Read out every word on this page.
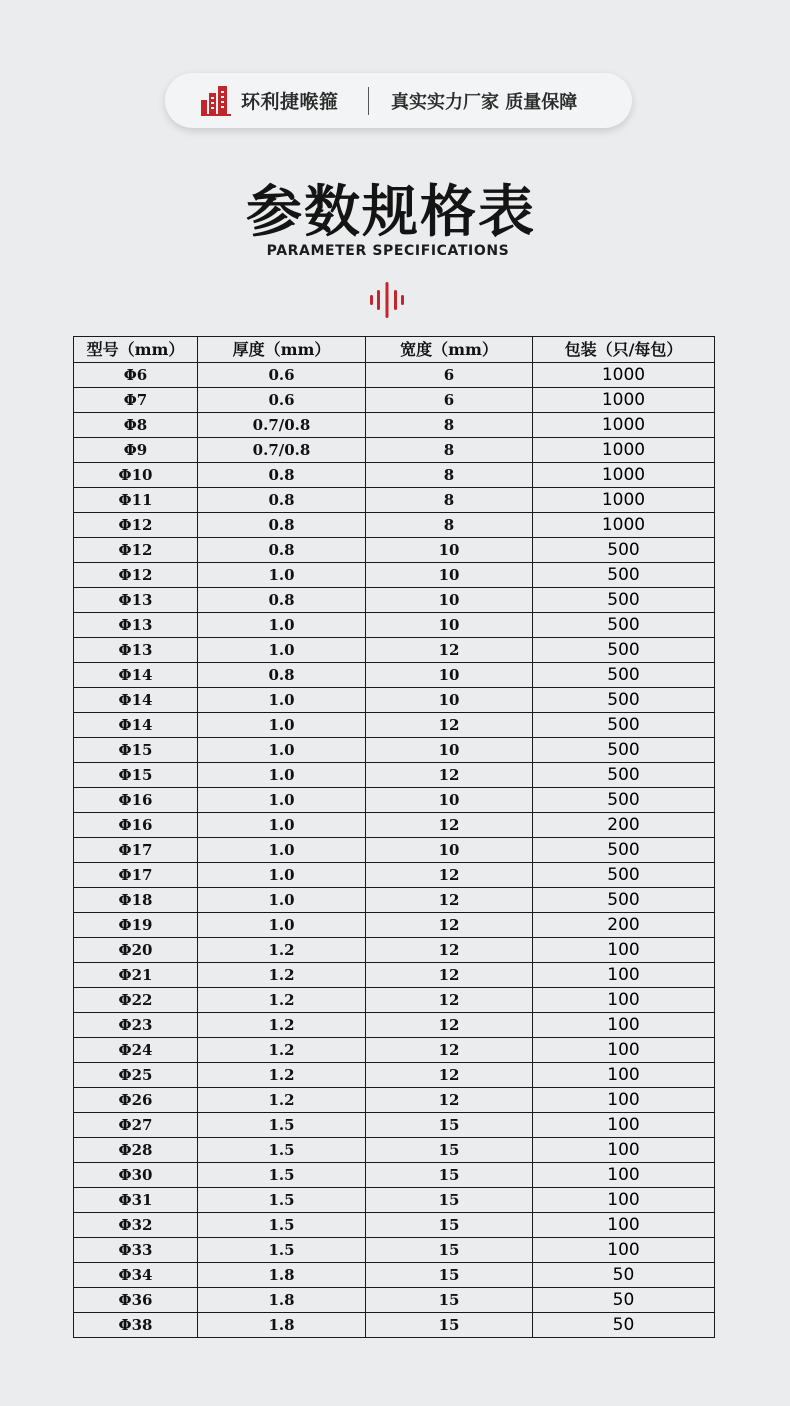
环利捷喉箍	真实实力厂家 质量保障
参数规格表
PARAMETER SPECIFICATIONS
型号（mm）	厚度（mm）	宽度（mm）	包装（只/每包）
Φ6	0.6	6	1000
Φ7	0.6	6	1000
Φ8	0.7/0.8	8	1000
Φ9	0.7/0.8	8	1000
Φ10	0.8	8	1000
Φ11	0.8	8	1000
Φ12	0.8	8	1000
Φ12	0.8	10	500
Φ12	1.0	10	500
Φ13	0.8	10	500
Φ13	1.0	10	500
Φ13	1.0	12	500
Φ14	0.8	10	500
Φ14	1.0	10	500
Φ14	1.0	12	500
Φ15	1.0	10	500
Φ15	1.0	12	500
Φ16	1.0	10	500
Φ16	1.0	12	200
Φ17	1.0	10	500
Φ17	1.0	12	500
Φ18	1.0	12	500
Φ19	1.0	12	200
Φ20	1.2	12	100
Φ21	1.2	12	100
Φ22	1.2	12	100
Φ23	1.2	12	100
Φ24	1.2	12	100
Φ25	1.2	12	100
Φ26	1.2	12	100
Φ27	1.5	15	100
Φ28	1.5	15	100
Φ30	1.5	15	100
Φ31	1.5	15	100
Φ32	1.5	15	100
Φ33	1.5	15	100
Φ34	1.8	15	50
Φ36	1.8	15	50
Φ38	1.8	15	50
